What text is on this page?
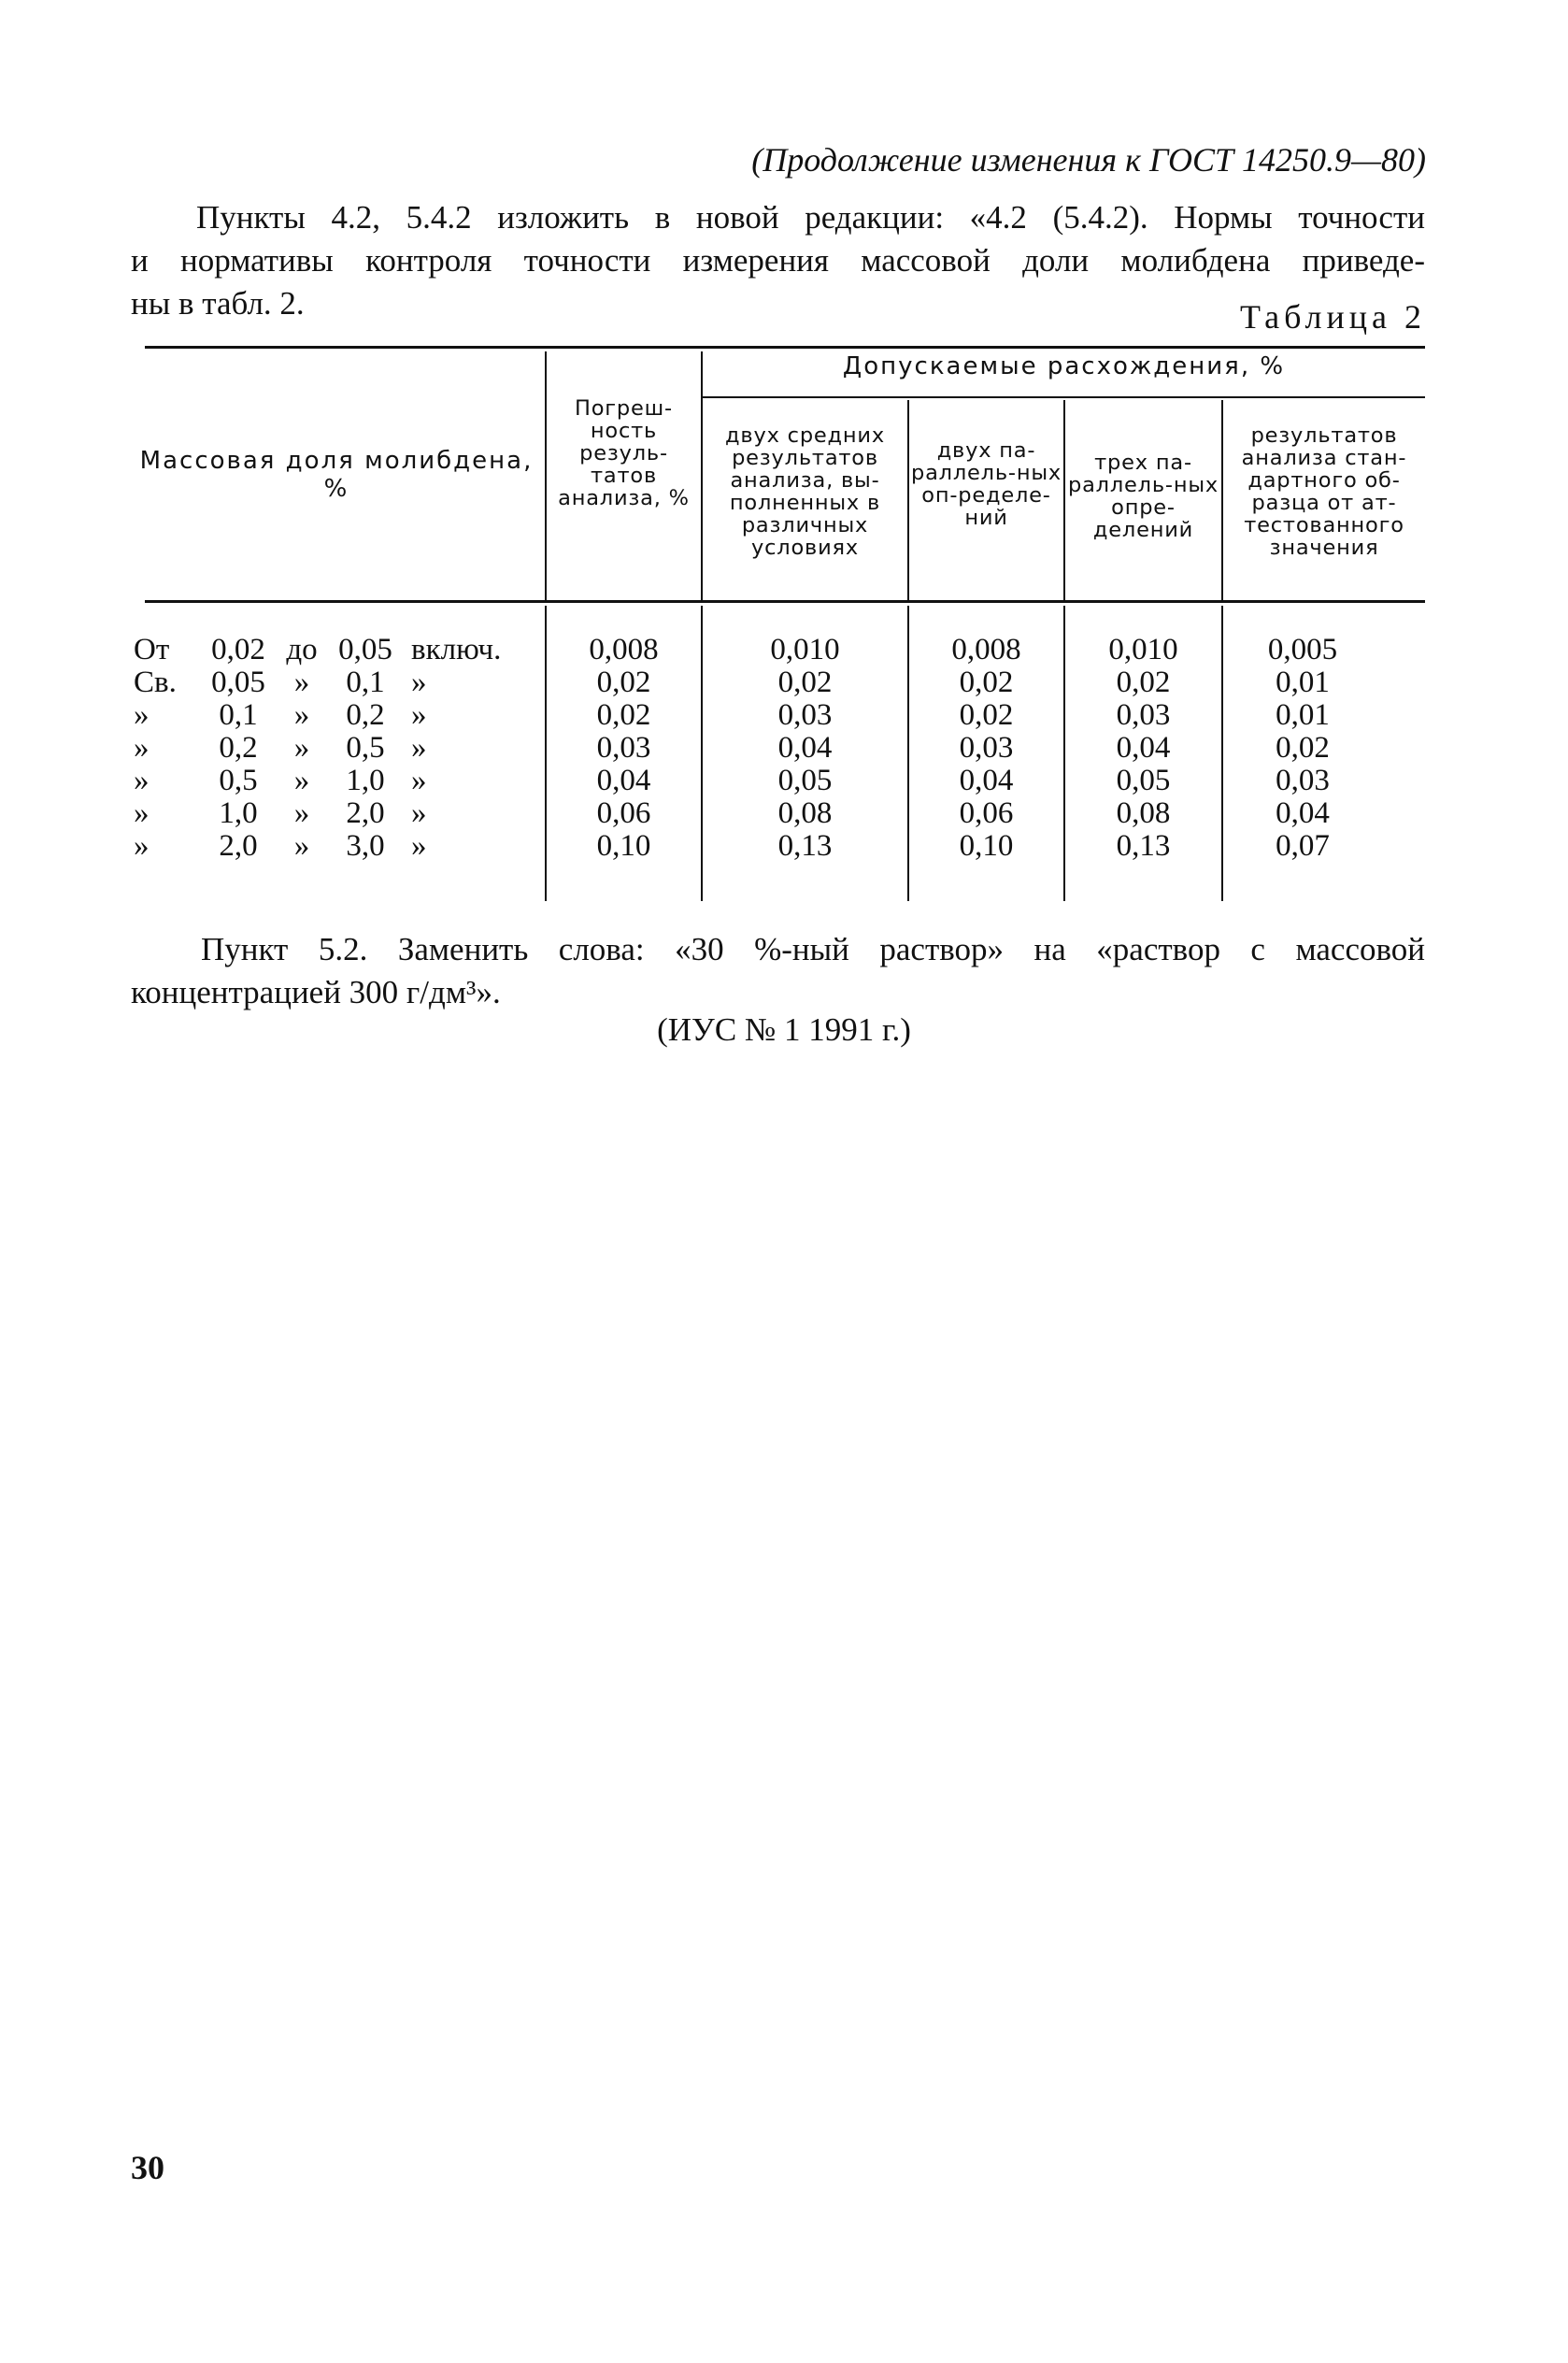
(Продолжение изменения к ГОСТ 14250.9—80)
Пункты 4.2, 5.4.2 изложить в новой редакции: «4.2 (5.4.2). Нормы точности
и нормативы контроля точности измерения массовой доли молибдена приведе-
ны в табл. 2.	Таблица 2
Массовая доля молибдена, %
Погреш-ность резуль-татов анализа, %
Допускаемые расхождения, %
двух средних результатов анализа, вы-полненных в различных условиях
двух па-раллель-ных оп-ределе-ний
трех па-раллель-ных опре-делений
результатов анализа стан-дартного об-разца от ат-тестованного значения
От
Св.
»
»
»
»
»
0,02
0,05
0,1
0,2
0,5
1,0
2,0
до
»
»
»
»
»
»
0,05
0,1
0,2
0,5
1,0
2,0
3,0
включ.
»
»
»
»
»
»
0,008
0,02
0,02
0,03
0,04
0,06
0,10
0,010
0,02
0,03
0,04
0,05
0,08
0,13
0,008
0,02
0,02
0,03
0,04
0,06
0,10
0,010
0,02
0,03
0,04
0,05
0,08
0,13
0,005
0,01
0,01
0,02
0,03
0,04
0,07
Пункт 5.2. Заменить слова: «30 %-ный раствор» на «раствор с массовой
концентрацией 300 г/дм³».
(ИУС № 1 1991 г.)
30
